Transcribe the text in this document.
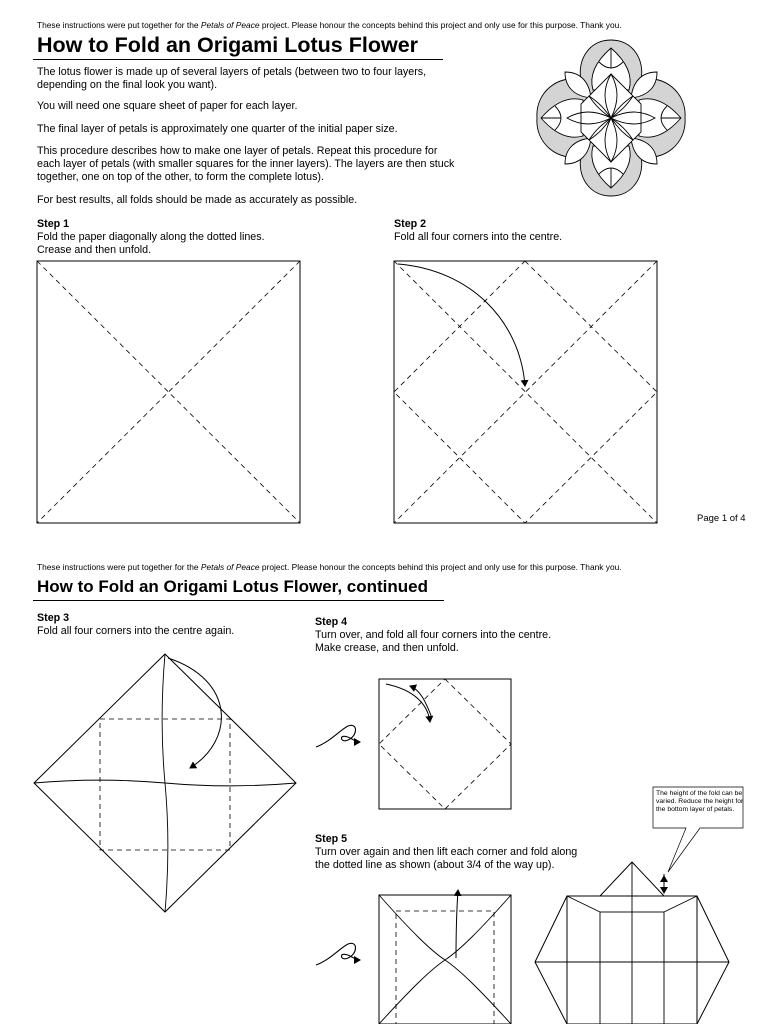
These instructions were put together for the Petals of Peace project. Please honour the concepts behind this project and only use for this purpose. Thank you.
How to Fold an Origami Lotus Flower
The lotus flower is made up of several layers of petals (between two to four layers, depending on the final look you want).
You will need one square sheet of paper for each layer.
The final layer of petals is approximately one quarter of the initial paper size.
This procedure describes how to make one layer of petals. Repeat this procedure for each layer of petals (with smaller squares for the inner layers). The layers are then stuck together, one on top of the other, to form the complete lotus).
For best results, all folds should be made as accurately as possible.
Step 1
Fold the paper diagonally along the dotted lines.
Crease and then unfold.
Step 2
Fold all four corners into the centre.
Page 1 of 4
These instructions were put together for the Petals of Peace project. Please honour the concepts behind this project and only use for this purpose. Thank you.
How to Fold an Origami Lotus Flower, continued
Step 3
Fold all four corners into the centre again.
Step 4
Turn over, and fold all four corners into the centre.
Make crease, and then unfold.
Step 5
Turn over again and then lift each corner and fold along
the dotted line as shown (about 3/4 of the way up).
The height of the fold can be varied. Reduce the height for the bottom layer of petals.
